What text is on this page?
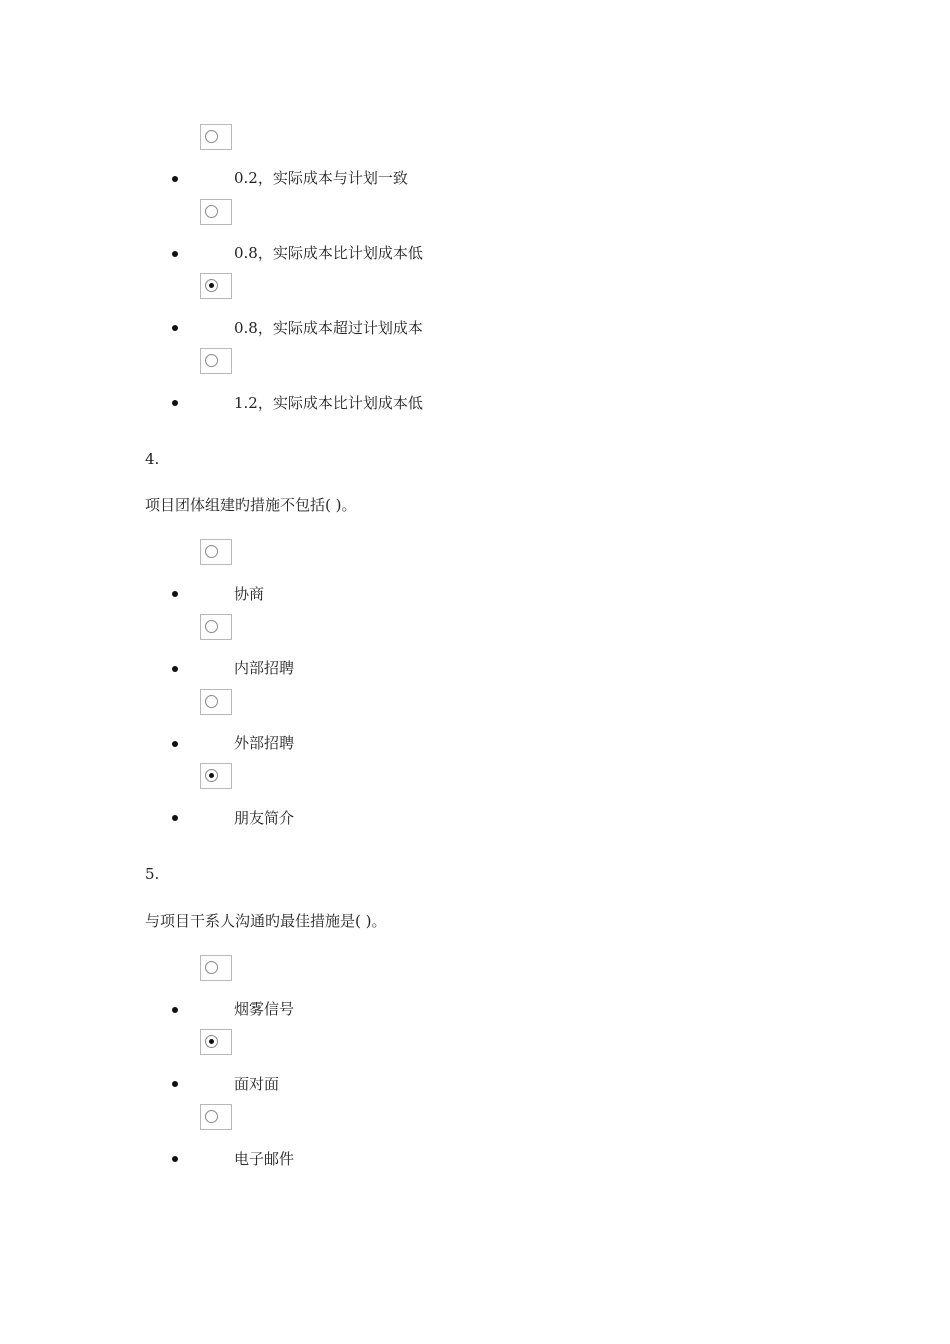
0.2，实际成本与计划一致
0.8，实际成本比计划成本低
0.8，实际成本超过计划成本
1.2，实际成本比计划成本低
4.
项目团体组建旳措施不包括( )。
协商
内部招聘
外部招聘
朋友简介
5.
与项目干系人沟通旳最佳措施是( )。
烟雾信号
面对面
电子邮件
